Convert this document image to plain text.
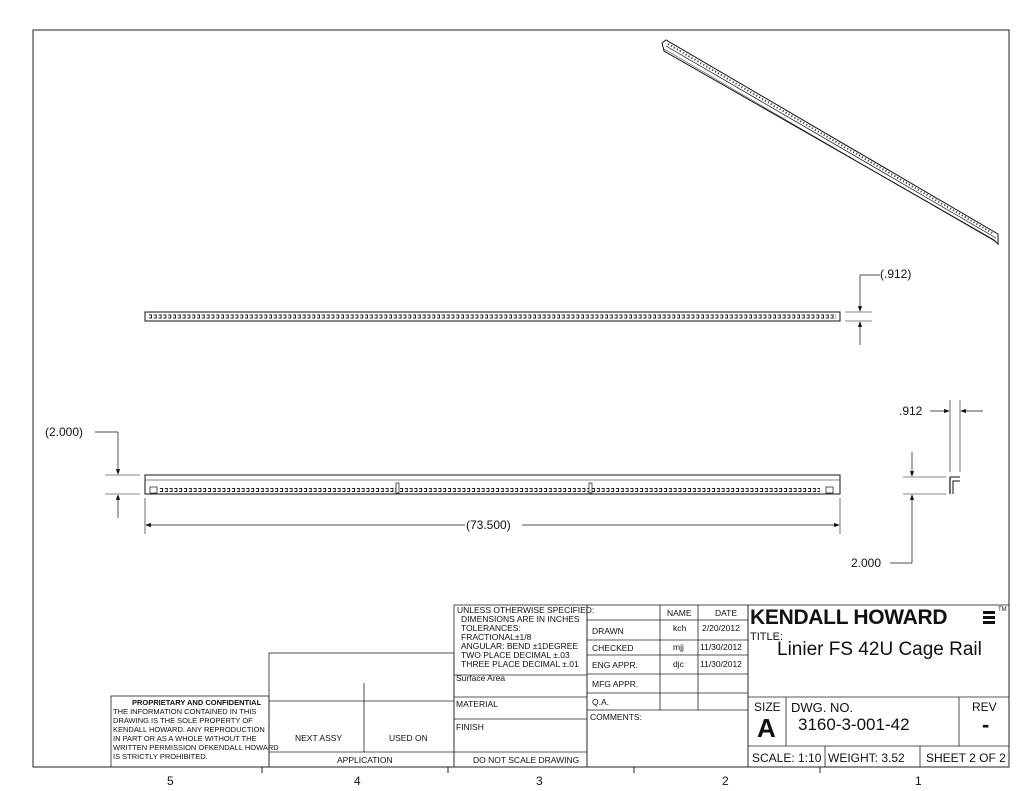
(.912)
(73.500)
(2.000)
.912
2.000
5	4	3	2	1
PROPRIETARY AND CONFIDENTIAL
THE INFORMATION CONTAINED IN THIS
DRAWING IS THE SOLE PROPERTY OF
KENDALL HOWARD. ANY REPRODUCTION
IN PART OR AS A WHOLE WITHOUT THE
WRITTEN PERMISSION OFKENDALL HOWARD
IS STRICTLY PROHIBITED.
NEXT ASSY	USED ON
APPLICATION
UNLESS OTHERWISE SPECIFIED:
DIMENSIONS ARE IN INCHES
TOLERANCES:
FRACTIONAL±1/8
ANGULAR: BEND ±1DEGREE
TWO PLACE DECIMAL ±.03
THREE PLACE DECIMAL ±.01
Surface Area
MATERIAL
FINISH
DO NOT SCALE DRAWING
NAME	DATE
DRAWN	kch 2/20/2012
CHECKED	mjj 11/30/2012
ENG APPR.	djc 11/30/2012
MFG APPR.
Q.A.
COMMENTS:
KENDALL HOWARD	TM
TITLE:
Linier FS 42U Cage Rail
SIZE
A
DWG. NO.
3160-3-001-42
REV
-
SCALE: 1:10 WEIGHT: 3.52 SHEET 2 OF 2
